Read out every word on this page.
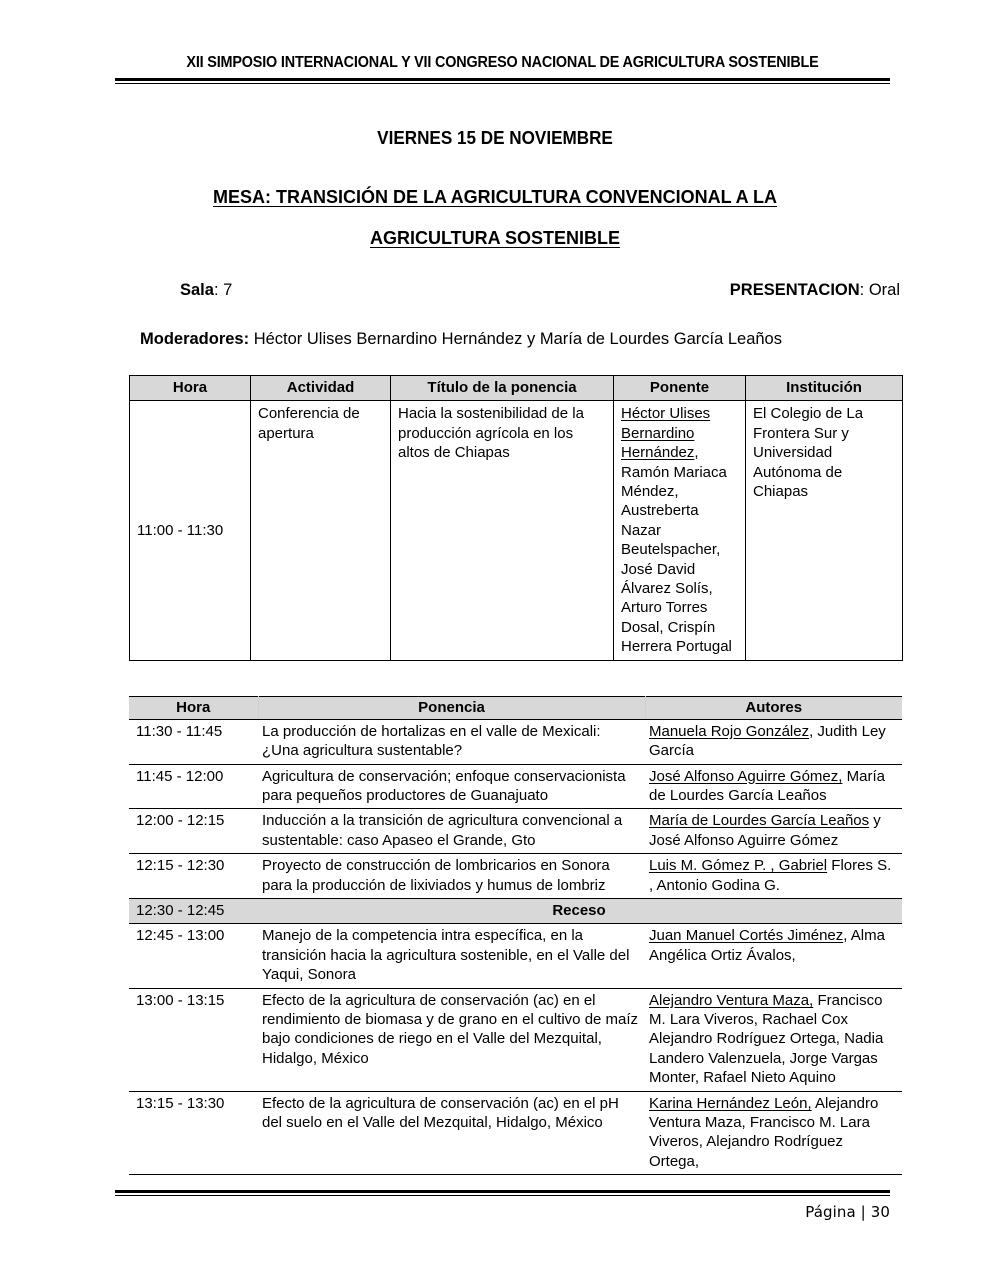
XII SIMPOSIO INTERNACIONAL Y VII CONGRESO NACIONAL DE AGRICULTURA SOSTENIBLE
VIERNES 15 DE NOVIEMBRE
MESA: TRANSICIÓN DE LA AGRICULTURA CONVENCIONAL A LA
AGRICULTURA SOSTENIBLE
Sala: 7	PRESENTACION: Oral
Moderadores: Héctor Ulises Bernardino Hernández y María de Lourdes García Leaños
Hora	Actividad	Título de la ponencia	Ponente	Institución
11:00 - 11:30	Conferencia de apertura	Hacia la sostenibilidad de la producción agrícola en los altos de Chiapas	Héctor Ulises Bernardino Hernández, Ramón Mariaca Méndez, Austreberta Nazar Beutelspacher, José David Álvarez Solís, Arturo Torres Dosal, Crispín Herrera Portugal	El Colegio de La Frontera Sur y Universidad Autónoma de Chiapas
Hora	Ponencia	Autores
11:30 - 11:45	La producción de hortalizas en el valle de Mexicali: ¿Una agricultura sustentable?	Manuela Rojo González, Judith Ley García
11:45 - 12:00	Agricultura de conservación; enfoque conservacionista para pequeños productores de Guanajuato	José Alfonso Aguirre Gómez, María de Lourdes García Leaños
12:00 - 12:15	Inducción a la transición de agricultura convencional a sustentable: caso Apaseo el Grande, Gto	María de Lourdes García Leaños y José Alfonso Aguirre Gómez
12:15 - 12:30	Proyecto de construcción de lombricarios en Sonora para la producción de lixiviados y humus de lombriz	Luis M. Gómez P. , Gabriel Flores S. , Antonio Godina G.
12:30 - 12:45	Receso	
12:45 - 13:00	Manejo de la competencia intra específica, en la transición hacia la agricultura sostenible, en el Valle del Yaqui, Sonora	Juan Manuel Cortés Jiménez, Alma Angélica Ortiz Ávalos,
13:00 - 13:15	Efecto de la agricultura de conservación (ac) en el rendimiento de biomasa y de grano en el cultivo de maíz bajo condiciones de riego en el Valle del Mezquital, Hidalgo, México	Alejandro Ventura Maza, Francisco M. Lara Viveros, Rachael Cox Alejandro Rodríguez Ortega, Nadia Landero Valenzuela, Jorge Vargas Monter, Rafael Nieto Aquino
13:15 - 13:30	Efecto de la agricultura de conservación (ac) en el pH del suelo en el Valle del Mezquital, Hidalgo, México	Karina Hernández León, Alejandro Ventura Maza, Francisco M. Lara Viveros, Alejandro Rodríguez Ortega,
Página | 30
